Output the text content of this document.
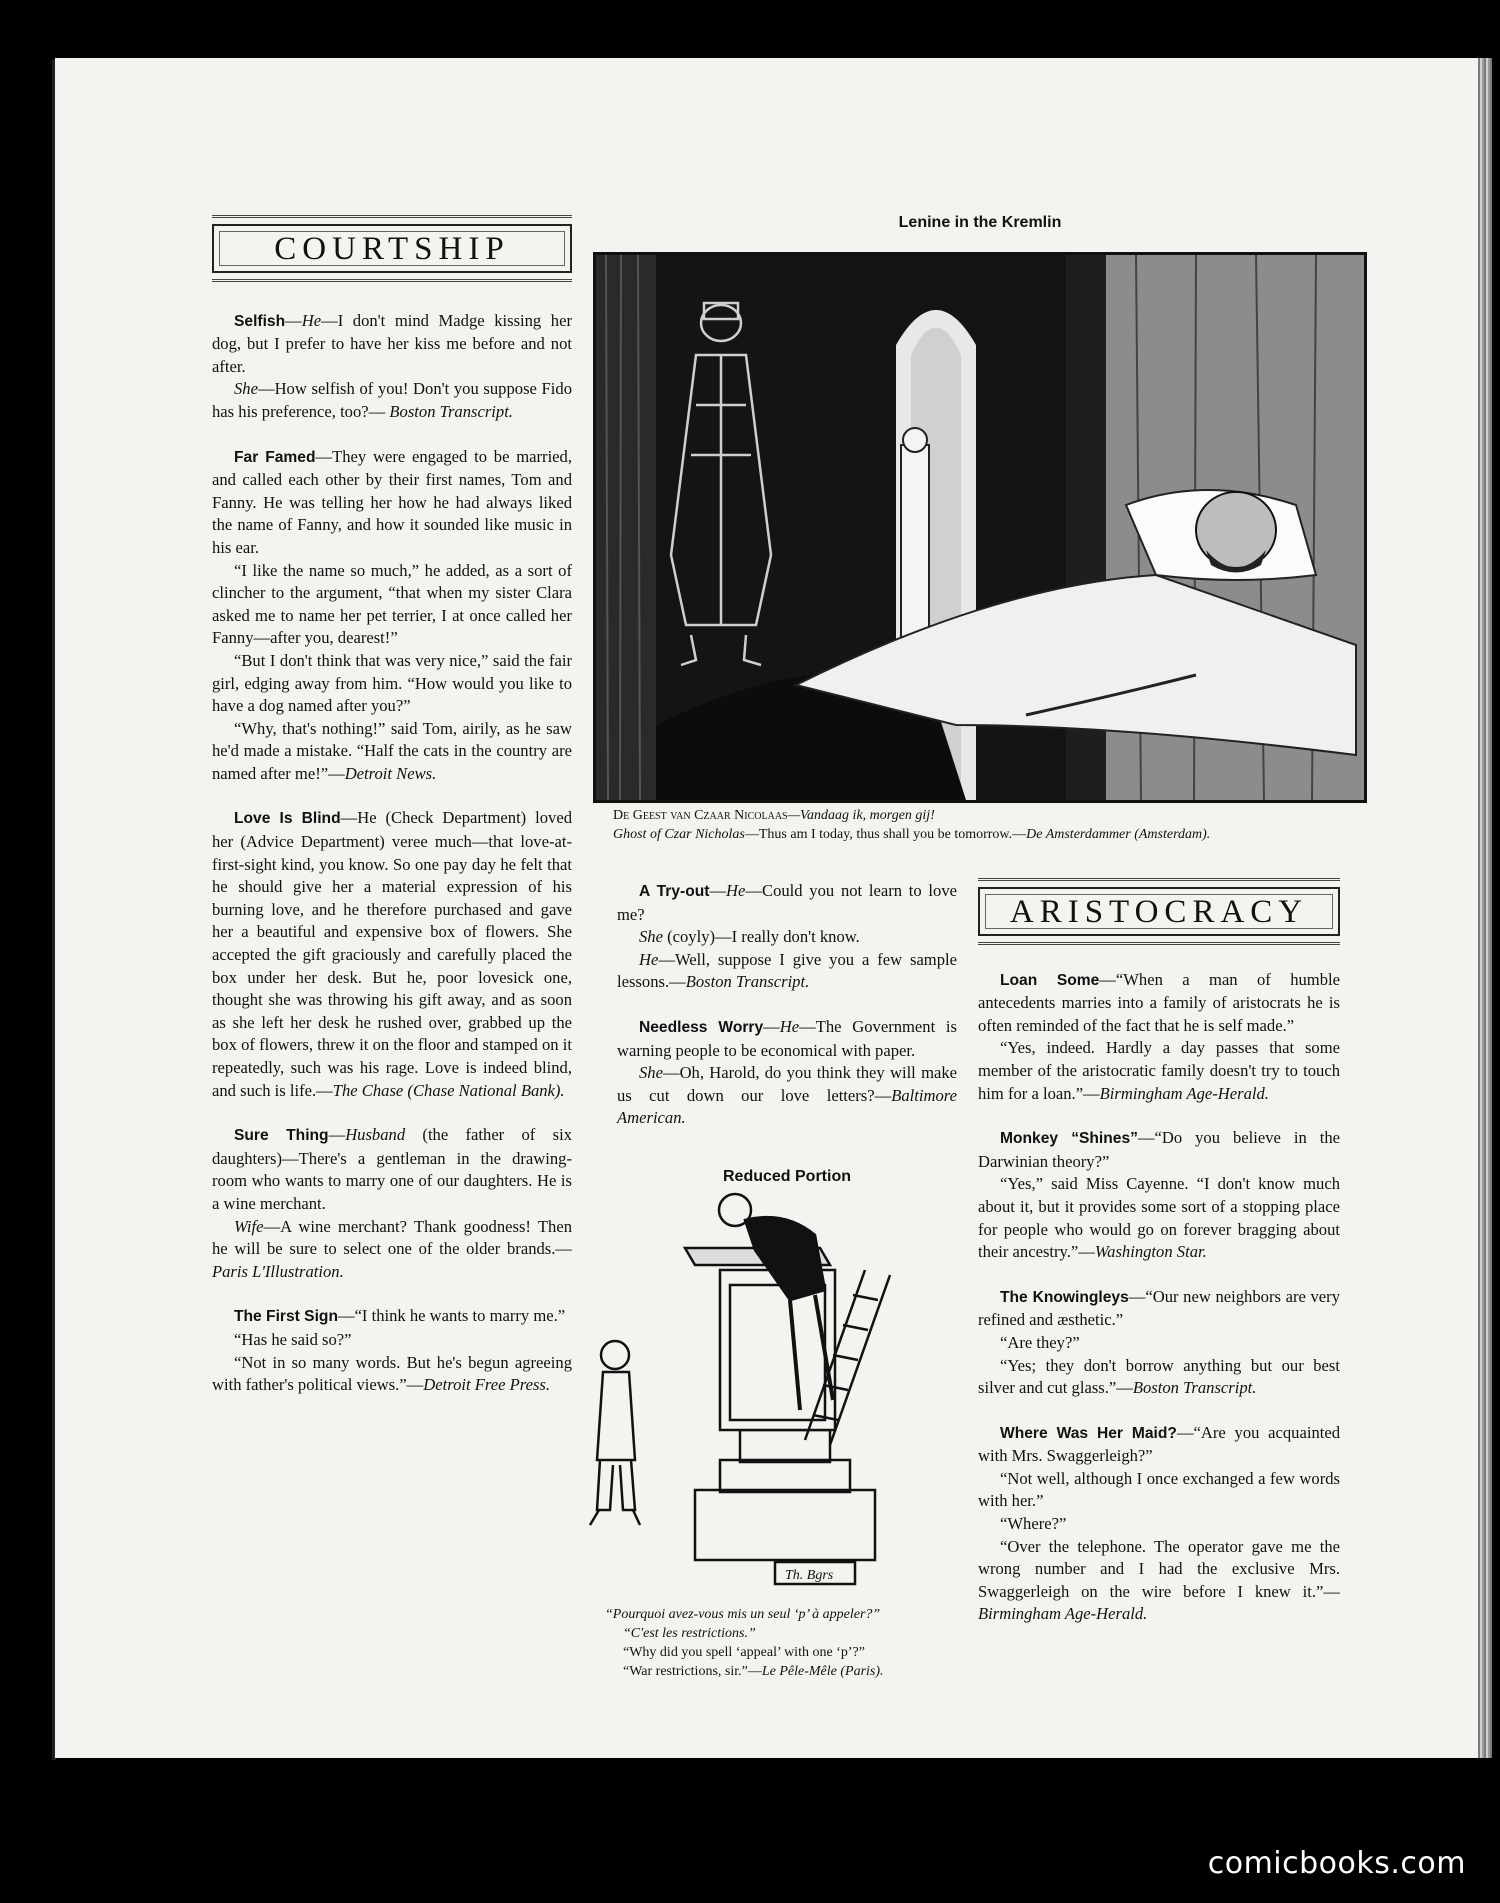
COURTSHIP

Selfish—He—I don't mind Madge kissing her dog, but I prefer to have her kiss me before and not after.

She—How selfish of you! Don't you suppose Fido has his preference, too?— Boston Transcript.

Far Famed—They were engaged to be married, and called each other by their first names, Tom and Fanny. He was telling her how he had always liked the name of Fanny, and how it sounded like music in his ear.

“I like the name so much,” he added, as a sort of clincher to the argument, “that when my sister Clara asked me to name her pet terrier, I at once called her Fanny—after you, dearest!”

“But I don't think that was very nice,” said the fair girl, edging away from him. “How would you like to have a dog named after you?”

“Why, that's nothing!” said Tom, airily, as he saw he'd made a mistake. “Half the cats in the country are named after me!”—Detroit News.

Love Is Blind—He (Check Department) loved her (Advice Department) veree much—that love-at-first-sight kind, you know. So one pay day he felt that he should give her a material expression of his burning love, and he therefore purchased and gave her a beautiful and expensive box of flowers. She accepted the gift graciously and carefully placed the box under her desk. But he, poor lovesick one, thought she was throwing his gift away, and as soon as she left her desk he rushed over, grabbed up the box of flowers, threw it on the floor and stamped on it repeatedly, such was his rage. Love is indeed blind, and such is life.—The Chase (Chase National Bank).

Sure Thing—Husband (the father of six daughters)—There's a gentleman in the drawing-room who wants to marry one of our daughters. He is a wine merchant.

Wife—A wine merchant? Thank goodness! Then he will be sure to select one of the older brands.—Paris L'Illustration.

The First Sign—“I think he wants to marry me.”

“Has he said so?”

“Not in so many words. But he's begun agreeing with father's political views.”—Detroit Free Press.

Lenine in the Kremlin

De Geest van Czaar Nicolaas—Vandaag ik, morgen gij!

Ghost of Czar Nicholas—Thus am I today, thus shall you be tomorrow.—De Amsterdammer (Amsterdam).

A Try-out—He—Could you not learn to love me?

She (coyly)—I really don't know.

He—Well, suppose I give you a few sample lessons.—Boston Transcript.

Needless Worry—He—The Government is warning people to be economical with paper.

She—Oh, Harold, do you think they will make us cut down our love letters?—Baltimore American.

Reduced Portion
Th. Bgrs

“Pourquoi avez-vous mis un seul ‘p’ à appeler?”

“C'est les restrictions.”

“Why did you spell ‘appeal’ with one ‘p’?”

“War restrictions, sir.”—Le Pêle-Mêle (Paris).

ARISTOCRACY

Loan Some—“When a man of humble antecedents marries into a family of aristocrats he is often reminded of the fact that he is self made.”

“Yes, indeed. Hardly a day passes that some member of the aristocratic family doesn't try to touch him for a loan.”—Birmingham Age-Herald.

Monkey “Shines”—“Do you believe in the Darwinian theory?”

“Yes,” said Miss Cayenne. “I don't know much about it, but it provides some sort of a stopping place for people who would go on forever bragging about their ancestry.”—Washington Star.

The Knowingleys—“Our new neighbors are very refined and æsthetic.”

“Are they?”

“Yes; they don't borrow anything but our best silver and cut glass.”—Boston Transcript.

Where Was Her Maid?—“Are you acquainted with Mrs. Swaggerleigh?”

“Not well, although I once exchanged a few words with her.”

“Where?”

“Over the telephone. The operator gave me the wrong number and I had the exclusive Mrs. Swaggerleigh on the wire before I knew it.”—Birmingham Age-Herald.

comicbooks.com
